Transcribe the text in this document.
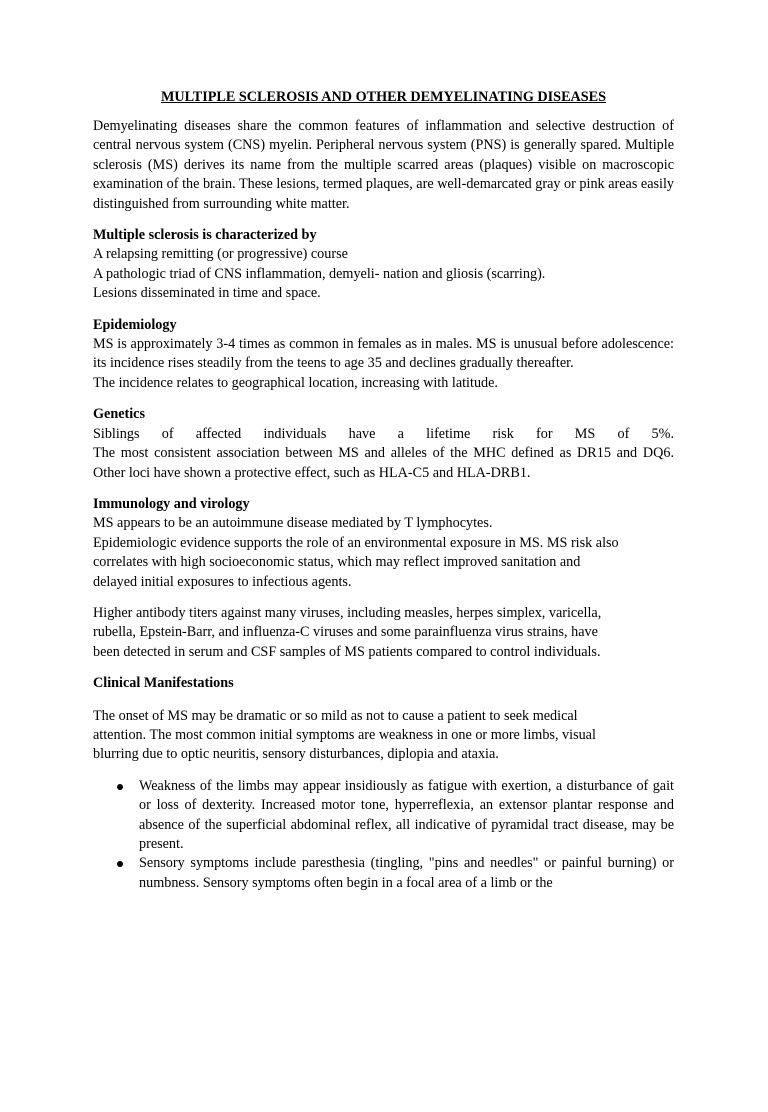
MULTIPLE SCLEROSIS AND OTHER DEMYELINATING DISEASES

Demyelinating diseases share the common features of inflammation and selective destruction of central nervous system (CNS) myelin. Peripheral nervous system (PNS) is generally spared. Multiple sclerosis (MS) derives its name from the multiple scarred areas (plaques) visible on macroscopic examination of the brain. These lesions, termed plaques, are well-demarcated gray or pink areas easily distinguished from surrounding white matter.

Multiple sclerosis is characterized by
A relapsing remitting (or progressive) course
A pathologic triad of CNS inflammation, demyeli- nation and gliosis (scarring).
Lesions disseminated in time and space.
Epidemiology

MS is approximately 3-4 times as common in females as in males. MS is unusual before adolescence: its incidence rises steadily from the teens to age 35 and declines gradually thereafter.

The incidence relates to geographical location, increasing with latitude.
Genetics

Siblings of affected individuals have a lifetime risk for MS of 5%.

The most consistent association between MS and alleles of the MHC defined as DR15 and DQ6. Other loci have shown a protective effect, such as HLA-C5 and HLA-DRB1.

Immunology and virology
MS appears to be an autoimmune disease mediated by T lymphocytes.
Epidemiologic evidence supports the role of an environmental exposure in MS. MS risk also
correlates with high socioeconomic status, which may reflect improved sanitation and
delayed initial exposures to infectious agents.
Higher antibody titers against many viruses, including measles, herpes simplex, varicella,
rubella, Epstein-Barr, and influenza-C viruses and some parainfluenza virus strains, have
been detected in serum and CSF samples of MS patients compared to control individuals.
Clinical Manifestations
The onset of MS may be dramatic or so mild as not to cause a patient to seek medical
attention. The most common initial symptoms are weakness in one or more limbs, visual
blurring due to optic neuritis, sensory disturbances, diplopia and ataxia.
Weakness of the limbs may appear insidiously as fatigue with exertion, a disturbance of gait or loss of dexterity. Increased motor tone, hyperreflexia, an extensor plantar response and absence of the superficial abdominal reflex, all indicative of pyramidal tract disease, may be present.
Sensory symptoms include paresthesia (tingling, "pins and needles" or painful burning) or numbness. Sensory symptoms often begin in a focal area of a limb or the
